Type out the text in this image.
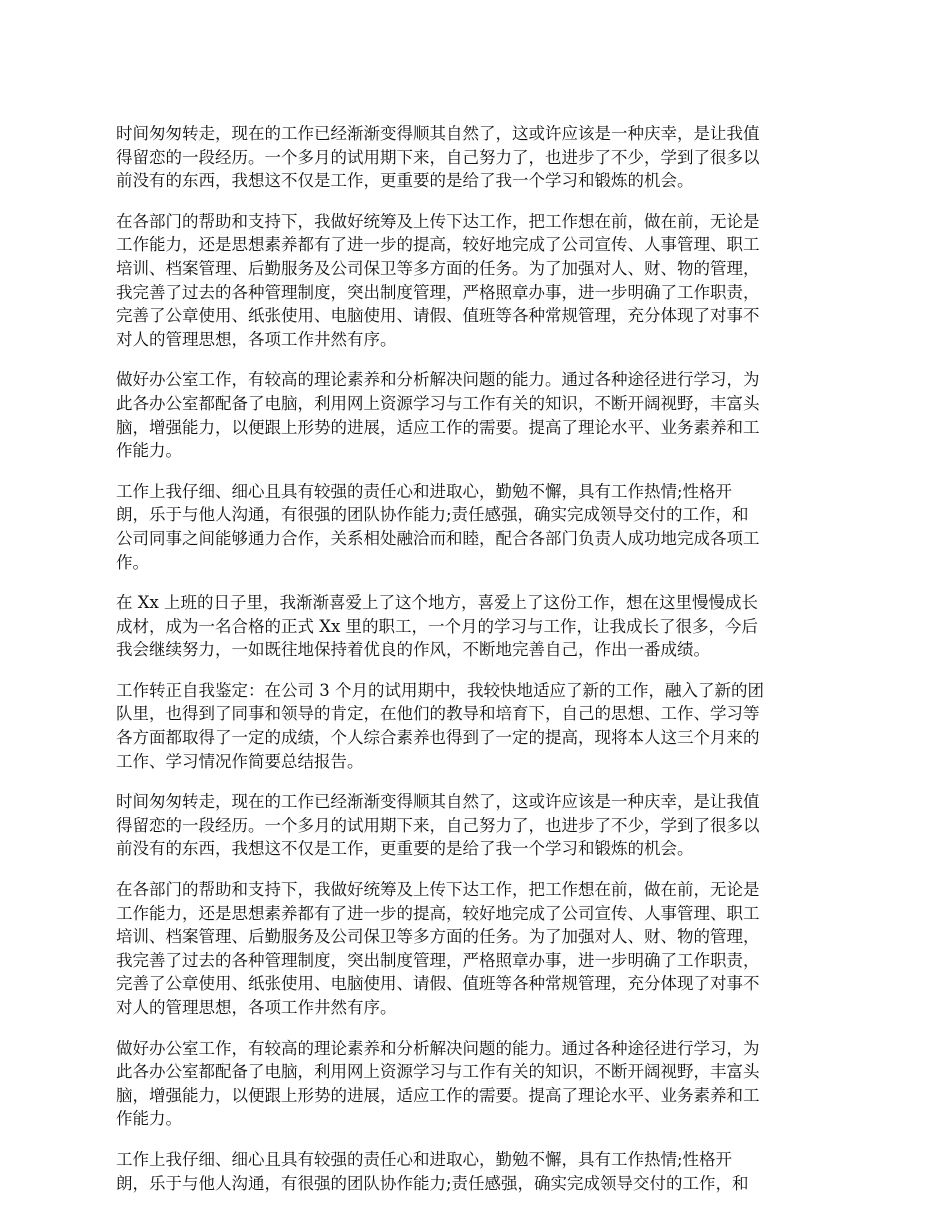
时间匆匆转走，现在的工作已经渐渐变得顺其自然了，这或许应该是一种庆幸，是让我值
得留恋的一段经历。一个多月的试用期下来，自己努力了，也进步了不少，学到了很多以
前没有的东西，我想这不仅是工作，更重要的是给了我一个学习和锻炼的机会。

在各部门的帮助和支持下，我做好统筹及上传下达工作，把工作想在前，做在前，无论是
工作能力，还是思想素养都有了进一步的提高，较好地完成了公司宣传、人事管理、职工
培训、档案管理、后勤服务及公司保卫等多方面的任务。为了加强对人、财、物的管理，
我完善了过去的各种管理制度，突出制度管理，严格照章办事，进一步明确了工作职责，
完善了公章使用、纸张使用、电脑使用、请假、值班等各种常规管理，充分体现了对事不
对人的管理思想，各项工作井然有序。

做好办公室工作，有较高的理论素养和分析解决问题的能力。通过各种途径进行学习，为
此各办公室都配备了电脑，利用网上资源学习与工作有关的知识，不断开阔视野，丰富头
脑，增强能力，以便跟上形势的进展，适应工作的需要。提高了理论水平、业务素养和工
作能力。

工作上我仔细、细心且具有较强的责任心和进取心，勤勉不懈，具有工作热情;性格开
朗，乐于与他人沟通，有很强的团队协作能力;责任感强，确实完成领导交付的工作，和
公司同事之间能够通力合作，关系相处融洽而和睦，配合各部门负责人成功地完成各项工
作。

在 Xx 上班的日子里，我渐渐喜爱上了这个地方，喜爱上了这份工作，想在这里慢慢成长
成材，成为一名合格的正式 Xx 里的职工，一个月的学习与工作，让我成长了很多，今后
我会继续努力，一如既往地保持着优良的作风，不断地完善自己，作出一番成绩。

工作转正自我鉴定：在公司 3 个月的试用期中，我较快地适应了新的工作，融入了新的团
队里，也得到了同事和领导的肯定，在他们的教导和培育下，自己的思想、工作、学习等
各方面都取得了一定的成绩，个人综合素养也得到了一定的提高，现将本人这三个月来的
工作、学习情况作简要总结报告。

时间匆匆转走，现在的工作已经渐渐变得顺其自然了，这或许应该是一种庆幸，是让我值
得留恋的一段经历。一个多月的试用期下来，自己努力了，也进步了不少，学到了很多以
前没有的东西，我想这不仅是工作，更重要的是给了我一个学习和锻炼的机会。

在各部门的帮助和支持下，我做好统筹及上传下达工作，把工作想在前，做在前，无论是
工作能力，还是思想素养都有了进一步的提高，较好地完成了公司宣传、人事管理、职工
培训、档案管理、后勤服务及公司保卫等多方面的任务。为了加强对人、财、物的管理，
我完善了过去的各种管理制度，突出制度管理，严格照章办事，进一步明确了工作职责，
完善了公章使用、纸张使用、电脑使用、请假、值班等各种常规管理，充分体现了对事不
对人的管理思想，各项工作井然有序。

做好办公室工作，有较高的理论素养和分析解决问题的能力。通过各种途径进行学习，为
此各办公室都配备了电脑，利用网上资源学习与工作有关的知识，不断开阔视野，丰富头
脑，增强能力，以便跟上形势的进展，适应工作的需要。提高了理论水平、业务素养和工
作能力。

工作上我仔细、细心且具有较强的责任心和进取心，勤勉不懈，具有工作热情;性格开
朗，乐于与他人沟通，有很强的团队协作能力;责任感强，确实完成领导交付的工作，和
